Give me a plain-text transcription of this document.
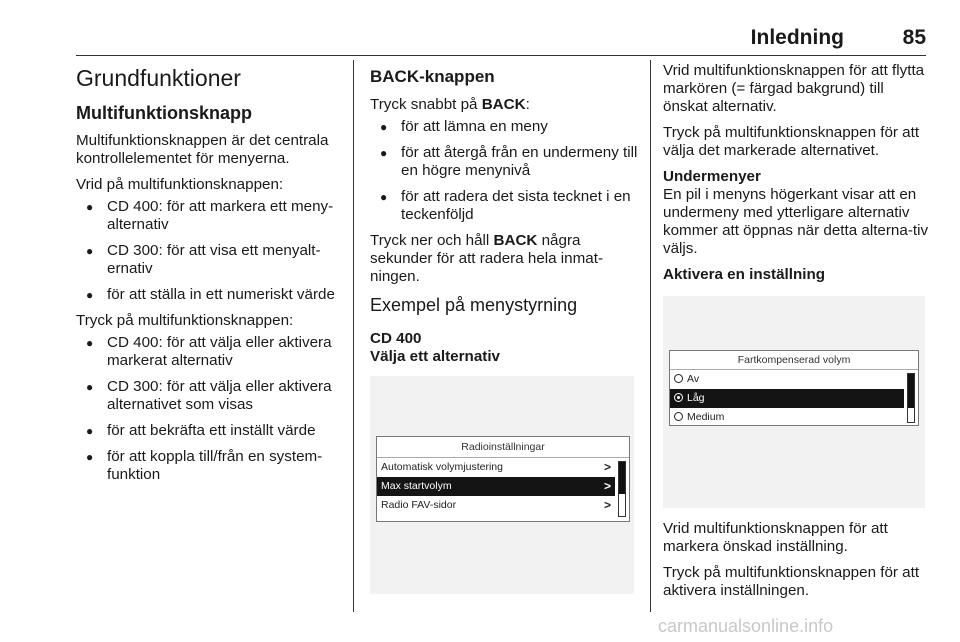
Inledning	85
Grundfunktioner
Multifunktionsknapp

Multifunktionsknappen är det centrala kontrollelementet för menyerna.

Vrid på multifunktionsknappen:

● CD 400: för att markera ett meny-alternativ
● CD 300: för att visa ett menyalt-ernativ
● för att ställa in ett numeriskt värde

Tryck på multifunktionsknappen:

● CD 400: för att välja eller aktivera markerat alternativ
● CD 300: för att välja eller aktivera alternativet som visas
● för att bekräfta ett inställt värde
● för att koppla till/från en system-funktion
BACK-knappen

Tryck snabbt på BACK:

● för att lämna en meny
● för att återgå från en undermeny till en högre menynivå
● för att radera det sista tecknet i en teckenföljd

Tryck ner och håll BACK några sekunder för att radera hela inmat-ningen.

Exempel på menystyrning
CD 400
Välja ett alternativ
Radioinställningar
Automatisk volymjustering	>
Max startvolym	>
Radio FAV-sidor	>

Vrid multifunktionsknappen för att flytta markören (= färgad bakgrund) till önskat alternativ.

Tryck på multifunktionsknappen för att välja det markerade alternativet.

Undermenyer

En pil i menyns högerkant visar att en undermeny med ytterligare alternativ kommer att öppnas när detta alterna-tiv väljs.

Aktivera en inställning
Fartkompenserad volym
Av
Låg
Medium

Vrid multifunktionsknappen för att markera önskad inställning.

Tryck på multifunktionsknappen för att aktivera inställningen.

carmanualsonline.info
